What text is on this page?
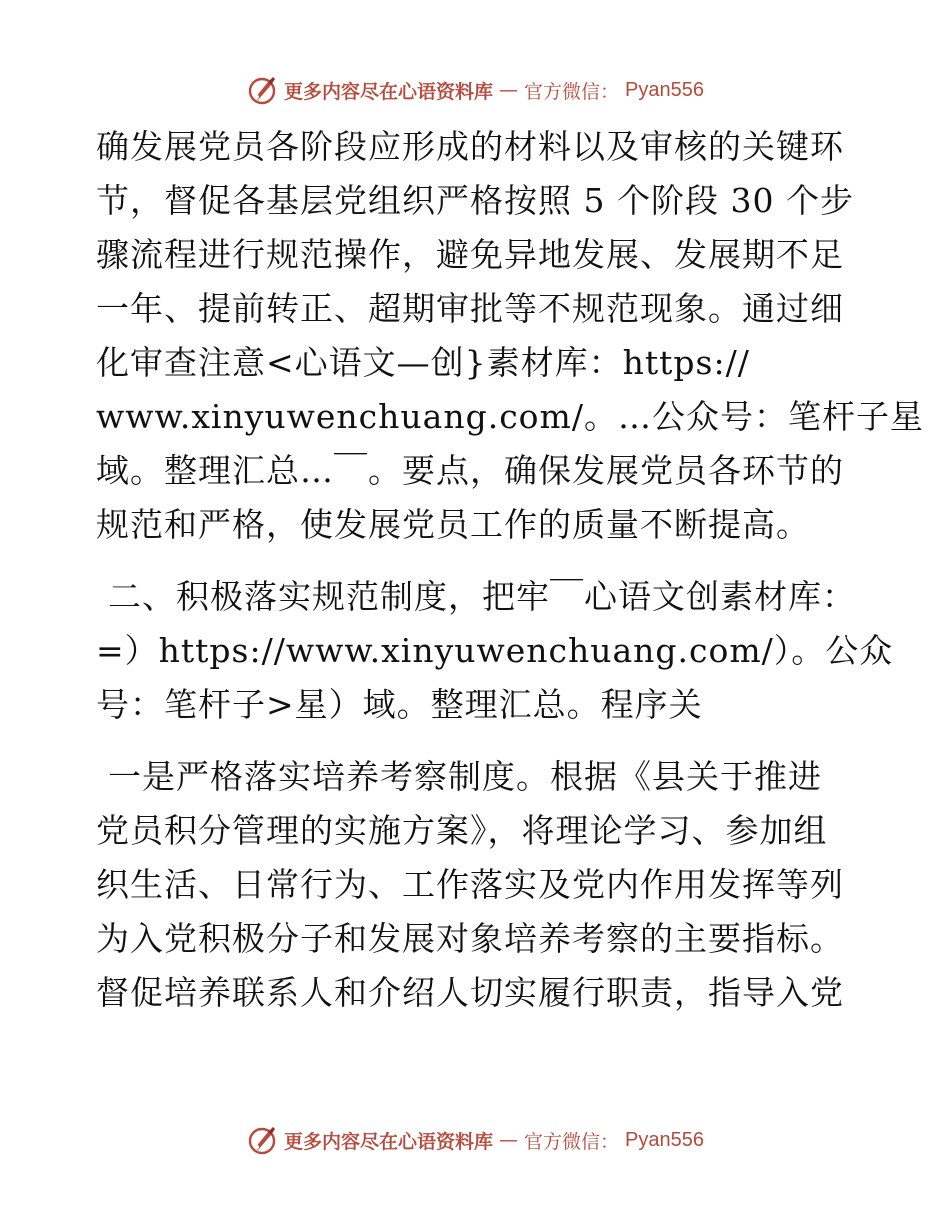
更多内容尽在心语资料库 — 官方微信： Pyan556
确发展党员各阶段应形成的材料以及审核的关键环
节，督促各基层党组织严格按照 5 个阶段 30 个步
骤流程进行规范操作，避免异地发展、发展期不足
一年、提前转正、超期审批等不规范现象。通过细
化审查注意<心语文—创}素材库：https://
www.xinyuwenchuang.com/。…公众号：笔杆子星
域。整理汇总…￣。要点，确保发展党员各环节的
规范和严格，使发展党员工作的质量不断提高。
二、积极落实规范制度，把牢￣心语文创素材库：
=）https://www.xinyuwenchuang.com/）。公众
号：笔杆子>星）域。整理汇总。程序关
一是严格落实培养考察制度。根据《县关于推进
党员积分管理的实施方案》，将理论学习、参加组
织生活、日常行为、工作落实及党内作用发挥等列
为入党积极分子和发展对象培养考察的主要指标。
督促培养联系人和介绍人切实履行职责，指导入党
更多内容尽在心语资料库 — 官方微信： Pyan556
